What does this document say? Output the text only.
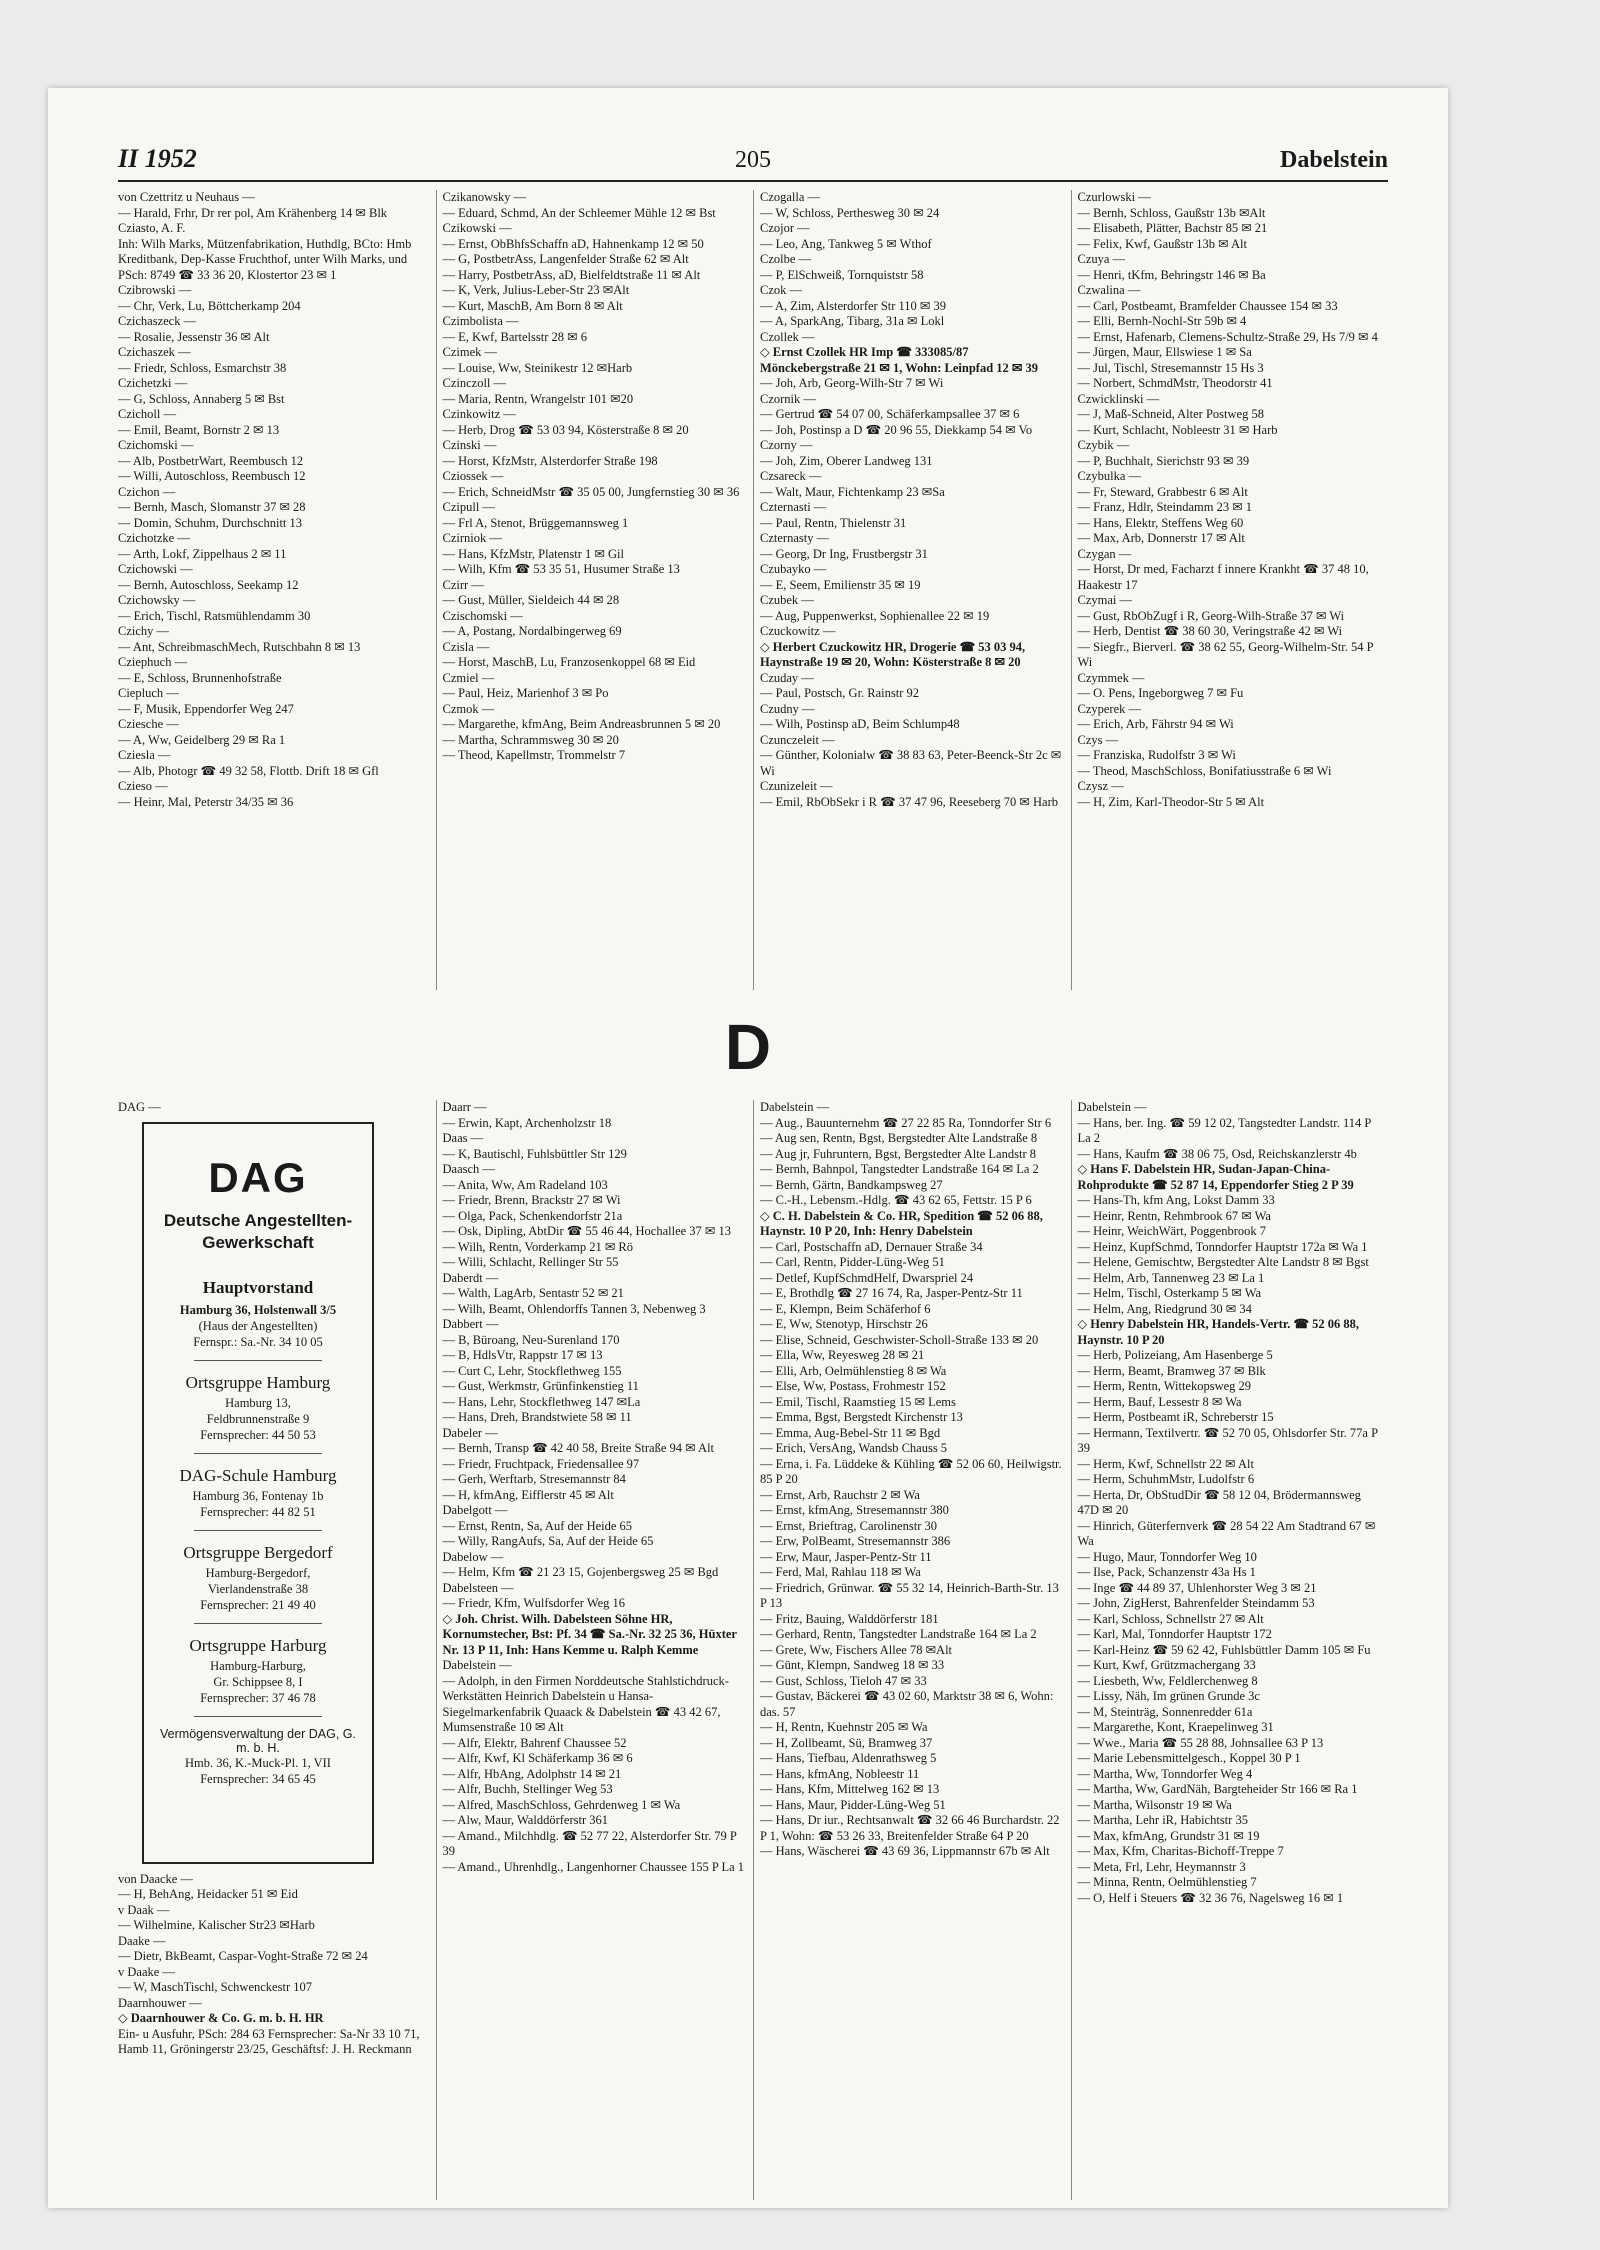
II 1952	205	Dabelstein
von Czettritz u Neuhaus —
— Harald, Frhr, Dr rer pol, Am Krähenberg 14 ✉ Blk
Cziasto, A. F.
Inh: Wilh Marks, Mützenfabrikation, Huthdlg, BCto: Hmb Kreditbank, Dep-Kasse Fruchthof, unter Wilh Marks, und PSch: 8749 ☎ 33 36 20, Klostertor 23 ✉ 1
Czibrowski —
— Chr, Verk, Lu, Böttcherkamp 204
Czichaszeck —
— Rosalie, Jessenstr 36 ✉ Alt
Czichaszek —
— Friedr, Schloss, Esmarchstr 38
Czichetzki —
— G, Schloss, Annaberg 5 ✉ Bst
Czicholl —
— Emil, Beamt, Bornstr 2 ✉ 13
Czichomski —
— Alb, PostbetrWart, Reembusch 12
— Willi, Autoschloss, Reembusch 12
Czichon —
— Bernh, Masch, Slomanstr 37 ✉ 28
— Domin, Schuhm, Durchschnitt 13
Czichotzke —
— Arth, Lokf, Zippelhaus 2 ✉ 11
Czichowski —
— Bernh, Autoschloss, Seekamp 12
Czichowsky —
— Erich, Tischl, Ratsmühlendamm 30
Czichy —
— Ant, SchreibmaschMech, Rutschbahn 8 ✉ 13
Cziephuch —
— E, Schloss, Brunnenhofstraße
Ciepluch —
— F, Musik, Eppendorfer Weg 247
Cziesche —
— A, Ww, Geidelberg 29 ✉ Ra 1
Cziesla —
— Alb, Photogr ☎ 49 32 58, Flottb. Drift 18 ✉ Gfl
Czieso —
— Heinr, Mal, Peterstr 34/35 ✉ 36
Czikanowsky —
— Eduard, Schmd, An der Schleemer Mühle 12 ✉ Bst
Czikowski —
— Ernst, ObBhfsSchaffn aD, Hahnenkamp 12 ✉ 50
— G, PostbetrAss, Langenfelder Straße 62 ✉ Alt
— Harry, PostbetrAss, aD, Bielfeldtstraße 11 ✉ Alt
— K, Verk, Julius-Leber-Str 23 ✉Alt
— Kurt, MaschB, Am Born 8 ✉ Alt
Czimbolista —
— E, Kwf, Bartelsstr 28 ✉ 6
Czimek —
— Louise, Ww, Steinikestr 12 ✉Harb
Czinczoll —
— Maria, Rentn, Wrangelstr 101 ✉20
Czinkowitz —
— Herb, Drog ☎ 53 03 94, Kösterstraße 8 ✉ 20
Czinski —
— Horst, KfzMstr, Alsterdorfer Straße 198
Cziossek —
— Erich, SchneidMstr ☎ 35 05 00, Jungfernstieg 30 ✉ 36
Czipull —
— Frl A, Stenot, Brüggemannsweg 1
Czirniok —
— Hans, KfzMstr, Platenstr 1 ✉ Gil
— Wilh, Kfm ☎ 53 35 51, Husumer Straße 13
Czirr —
— Gust, Müller, Sieldeich 44 ✉ 28
Czischomski —
— A, Postang, Nordalbingerweg 69
Czisla —
— Horst, MaschB, Lu, Franzosenkoppel 68 ✉ Eid
Czmiel —
— Paul, Heiz, Marienhof 3 ✉ Po
Czmok —
— Margarethe, kfmAng, Beim Andreasbrunnen 5 ✉ 20
— Martha, Schrammsweg 30 ✉ 20
— Theod, Kapellmstr, Trommelstr 7
Czogalla —
— W, Schloss, Perthesweg 30 ✉ 24
Czojor —
— Leo, Ang, Tankweg 5 ✉ Wthof
Czolbe —
— P, ElSchweiß, Tornquiststr 58
Czok —
— A, Zim, Alsterdorfer Str 110 ✉ 39
— A, SparkAng, Tibarg, 31a ✉ Lokl
Czollek —
◇ Ernst Czollek HR Imp ☎ 333085/87 Mönckebergstraße 21 ✉ 1, Wohn: Leinpfad 12 ✉ 39
— Joh, Arb, Georg-Wilh-Str 7 ✉ Wi
Czornik —
— Gertrud ☎ 54 07 00, Schäferkampsallee 37 ✉ 6
— Joh, Postinsp a D ☎ 20 96 55, Diekkamp 54 ✉ Vo
Czorny —
— Joh, Zim, Oberer Landweg 131
Czsareck —
— Walt, Maur, Fichtenkamp 23 ✉Sa
Czternasti —
— Paul, Rentn, Thielenstr 31
Czternasty —
— Georg, Dr Ing, Frustbergstr 31
Czubayko —
— E, Seem, Emilienstr 35 ✉ 19
Czubek —
— Aug, Puppenwerkst, Sophienallee 22 ✉ 19
Czuckowitz —
◇ Herbert Czuckowitz HR, Drogerie ☎ 53 03 94, Haynstraße 19 ✉ 20, Wohn: Kösterstraße 8 ✉ 20
Czuday —
— Paul, Postsch, Gr. Rainstr 92
Czudny —
— Wilh, Postinsp aD, Beim Schlump48
Czunczeleit —
— Günther, Kolonialw ☎ 38 83 63, Peter-Beenck-Str 2c ✉ Wi
Czunizeleit —
— Emil, RbObSekr i R ☎ 37 47 96, Reeseberg 70 ✉ Harb
Czurlowski —
— Bernh, Schloss, Gaußstr 13b ✉Alt
— Elisabeth, Plätter, Bachstr 85 ✉ 21
— Felix, Kwf, Gaußstr 13b ✉ Alt
Czuya —
— Henri, tKfm, Behringstr 146 ✉ Ba
Czwalina —
— Carl, Postbeamt, Bramfelder Chaussee 154 ✉ 33
— Elli, Bernh-Nochl-Str 59b ✉ 4
— Ernst, Hafenarb, Clemens-Schultz-Straße 29, Hs 7/9 ✉ 4
— Jürgen, Maur, Ellswiese 1 ✉ Sa
— Jul, Tischl, Stresemannstr 15 Hs 3
— Norbert, SchmdMstr, Theodorstr 41
Czwicklinski —
— J, Maß-Schneid, Alter Postweg 58
— Kurt, Schlacht, Nobleestr 31 ✉ Harb
Czybik —
— P, Buchhalt, Sierichstr 93 ✉ 39
Czybulka —
— Fr, Steward, Grabbestr 6 ✉ Alt
— Franz, Hdlr, Steindamm 23 ✉ 1
— Hans, Elektr, Steffens Weg 60
— Max, Arb, Donnerstr 17 ✉ Alt
Czygan —
— Horst, Dr med, Facharzt f innere Krankht ☎ 37 48 10, Haakestr 17
Czymai —
— Gust, RbObZugf i R, Georg-Wilh-Straße 37 ✉ Wi
— Herb, Dentist ☎ 38 60 30, Veringstraße 42 ✉ Wi
— Siegfr., Bierverl. ☎ 38 62 55, Georg-Wilhelm-Str. 54 P Wi
Czymmek —
— O. Pens, Ingeborgweg 7 ✉ Fu
Czyperek —
— Erich, Arb, Fährstr 94 ✉ Wi
Czys —
— Franziska, Rudolfstr 3 ✉ Wi
— Theod, MaschSchloss, Bonifatiusstraße 6 ✉ Wi
Czysz —
— H, Zim, Karl-Theodor-Str 5 ✉ Alt
D
DAG —
DAG
Deutsche Angestellten-Gewerkschaft
Hauptvorstand
Hamburg 36, Holstenwall 3/5
(Haus der Angestellten)
Fernspr.: Sa.-Nr. 34 10 05
Ortsgruppe Hamburg
Hamburg 13,
Feldbrunnenstraße 9
Fernsprecher: 44 50 53
DAG-Schule Hamburg
Hamburg 36, Fontenay 1b
Fernsprecher: 44 82 51
Ortsgruppe Bergedorf
Hamburg-Bergedorf,
Vierlandenstraße 38
Fernsprecher: 21 49 40
Ortsgruppe Harburg
Hamburg-Harburg,
Gr. Schippsee 8, I
Fernsprecher: 37 46 78
Vermögensverwaltung der DAG, G. m. b. H.
Hmb. 36, K.-Muck-Pl. 1, VII
Fernsprecher: 34 65 45
von Daacke —
— H, BehAng, Heidacker 51 ✉ Eid
v Daak —
— Wilhelmine, Kalischer Str23 ✉Harb
Daake —
— Dietr, BkBeamt, Caspar-Voght-Straße 72 ✉ 24
v Daake —
— W, MaschTischl, Schwenckestr 107
Daarnhouwer —
◇ Daarnhouwer & Co. G. m. b. H. HR
Ein- u Ausfuhr, PSch: 284 63 Fernsprecher: Sa-Nr 33 10 71, Hamb 11, Gröningerstr 23/25, Geschäftsf: J. H. Reckmann
Daarr —
— Erwin, Kapt, Archenholzstr 18
Daas —
— K, Bautischl, Fuhlsbüttler Str 129
Daasch —
— Anita, Ww, Am Radeland 103
— Friedr, Brenn, Brackstr 27 ✉ Wi
— Olga, Pack, Schenkendorfstr 21a
— Osk, Dipling, AbtDir ☎ 55 46 44, Hochallee 37 ✉ 13
— Wilh, Rentn, Vorderkamp 21 ✉ Rö
— Willi, Schlacht, Rellinger Str 55
Daberdt —
— Walth, LagArb, Sentastr 52 ✉ 21
— Wilh, Beamt, Ohlendorffs Tannen 3, Nebenweg 3
Dabbert —
— B, Büroang, Neu-Surenland 170
— B, HdlsVtr, Rappstr 17 ✉ 13
— Curt C, Lehr, Stockflethweg 155
— Gust, Werkmstr, Grünfinkenstieg 11
— Hans, Lehr, Stockflethweg 147 ✉La
— Hans, Dreh, Brandstwiete 58 ✉ 11
Dabeler —
— Bernh, Transp ☎ 42 40 58, Breite Straße 94 ✉ Alt
— Friedr, Fruchtpack, Friedensallee 97
— Gerh, Werftarb, Stresemannstr 84
— H, kfmAng, Eifflerstr 45 ✉ Alt
Dabelgott —
— Ernst, Rentn, Sa, Auf der Heide 65
— Willy, RangAufs, Sa, Auf der Heide 65
Dabelow —
— Helm, Kfm ☎ 21 23 15, Gojenbergsweg 25 ✉ Bgd
Dabelsteen —
— Friedr, Kfm, Wulfsdorfer Weg 16
◇ Joh. Christ. Wilh. Dabelsteen Söhne HR, Kornumstecher, Bst: Pf. 34 ☎ Sa.-Nr. 32 25 36, Hüxter Nr. 13 P 11, Inh: Hans Kemme u. Ralph Kemme
Dabelstein —
— Adolph, in den Firmen Norddeutsche Stahlstichdruck-Werkstätten Heinrich Dabelstein u Hansa-Siegelmarkenfabrik Quaack & Dabelstein ☎ 43 42 67, Mumsenstraße 10 ✉ Alt
— Alfr, Elektr, Bahrenf Chaussee 52
— Alfr, Kwf, Kl Schäferkamp 36 ✉ 6
— Alfr, HbAng, Adolphstr 14 ✉ 21
— Alfr, Buchh, Stellinger Weg 53
— Alfred, MaschSchloss, Gehrdenweg 1 ✉ Wa
— Alw, Maur, Walddörferstr 361
— Amand., Milchhdlg. ☎ 52 77 22, Alsterdorfer Str. 79 P 39
— Amand., Uhrenhdlg., Langenhorner Chaussee 155 P La 1
Dabelstein —
— Aug., Bauunternehm ☎ 27 22 85 Ra, Tonndorfer Str 6
— Aug sen, Rentn, Bgst, Bergstedter Alte Landstraße 8
— Aug jr, Fuhruntern, Bgst, Bergstedter Alte Landstr 8
— Bernh, Bahnpol, Tangstedter Landstraße 164 ✉ La 2
— Bernh, Gärtn, Bandkampsweg 27
— C.-H., Lebensm.-Hdlg. ☎ 43 62 65, Fettstr. 15 P 6
◇ C. H. Dabelstein & Co. HR, Spedition ☎ 52 06 88, Haynstr. 10 P 20, Inh: Henry Dabelstein
— Carl, Postschaffn aD, Dernauer Straße 34
— Carl, Rentn, Pidder-Lüng-Weg 51
— Detlef, KupfSchmdHelf, Dwarspriel 24
— E, Brothdlg ☎ 27 16 74, Ra, Jasper-Pentz-Str 11
— E, Klempn, Beim Schäferhof 6
— E, Ww, Stenotyp, Hirschstr 26
— Elise, Schneid, Geschwister-Scholl-Straße 133 ✉ 20
— Ella, Ww, Reyesweg 28 ✉ 21
— Elli, Arb, Oelmühlenstieg 8 ✉ Wa
— Else, Ww, Postass, Frohmestr 152
— Emil, Tischl, Raamstieg 15 ✉ Lems
— Emma, Bgst, Bergstedt Kirchenstr 13
— Emma, Aug-Bebel-Str 11 ✉ Bgd
— Erich, VersAng, Wandsb Chauss 5
— Erna, i. Fa. Lüddeke & Kühling ☎ 52 06 60, Heilwigstr. 85 P 20
— Ernst, Arb, Rauchstr 2 ✉ Wa
— Ernst, kfmAng, Stresemannstr 380
— Ernst, Brieftrag, Carolinenstr 30
— Erw, PolBeamt, Stresemannstr 386
— Erw, Maur, Jasper-Pentz-Str 11
— Ferd, Mal, Rahlau 118 ✉ Wa
— Friedrich, Grünwar. ☎ 55 32 14, Heinrich-Barth-Str. 13 P 13
— Fritz, Bauing, Walddörferstr 181
— Gerhard, Rentn, Tangstedter Landstraße 164 ✉ La 2
— Grete, Ww, Fischers Allee 78 ✉Alt
— Günt, Klempn, Sandweg 18 ✉ 33
— Gust, Schloss, Tieloh 47 ✉ 33
— Gustav, Bäckerei ☎ 43 02 60, Marktstr 38 ✉ 6, Wohn: das. 57
— H, Rentn, Kuehnstr 205 ✉ Wa
— H, Zollbeamt, Sü, Bramweg 37
— Hans, Tiefbau, Aldenrathsweg 5
— Hans, kfmAng, Nobleestr 11
— Hans, Kfm, Mittelweg 162 ✉ 13
— Hans, Maur, Pidder-Lüng-Weg 51
— Hans, Dr iur., Rechtsanwalt ☎ 32 66 46 Burchardstr. 22 P 1, Wohn: ☎ 53 26 33, Breitenfelder Straße 64 P 20
— Hans, Wäscherei ☎ 43 69 36, Lippmannstr 67b ✉ Alt
Dabelstein —
— Hans, ber. Ing. ☎ 59 12 02, Tangstedter Landstr. 114 P La 2
— Hans, Kaufm ☎ 38 06 75, Osd, Reichskanzlerstr 4b
◇ Hans F. Dabelstein HR, Sudan-Japan-China-Rohprodukte ☎ 52 87 14, Eppendorfer Stieg 2 P 39
— Hans-Th, kfm Ang, Lokst Damm 33
— Heinr, Rentn, Rehmbrook 67 ✉ Wa
— Heinr, WeichWärt, Poggenbrook 7
— Heinz, KupfSchmd, Tonndorfer Hauptstr 172a ✉ Wa 1
— Helene, Gemischtw, Bergstedter Alte Landstr 8 ✉ Bgst
— Helm, Arb, Tannenweg 23 ✉ La 1
— Helm, Tischl, Osterkamp 5 ✉ Wa
— Helm, Ang, Riedgrund 30 ✉ 34
◇ Henry Dabelstein HR, Handels-Vertr. ☎ 52 06 88, Haynstr. 10 P 20
— Herb, Polizeiang, Am Hasenberge 5
— Herm, Beamt, Bramweg 37 ✉ Blk
— Herm, Rentn, Wittekopsweg 29
— Herm, Bauf, Lessestr 8 ✉ Wa
— Herm, Postbeamt iR, Schreberstr 15
— Hermann, Textilvertr. ☎ 52 70 05, Ohlsdorfer Str. 77a P 39
— Herm, Kwf, Schnellstr 22 ✉ Alt
— Herm, SchuhmMstr, Ludolfstr 6
— Herta, Dr, ObStudDir ☎ 58 12 04, Brödermannsweg 47D ✉ 20
— Hinrich, Güterfernverk ☎ 28 54 22 Am Stadtrand 67 ✉ Wa
— Hugo, Maur, Tonndorfer Weg 10
— Ilse, Pack, Schanzenstr 43a Hs 1
— Inge ☎ 44 89 37, Uhlenhorster Weg 3 ✉ 21
— John, ZigHerst, Bahrenfelder Steindamm 53
— Karl, Schloss, Schnellstr 27 ✉ Alt
— Karl, Mal, Tonndorfer Hauptstr 172
— Karl-Heinz ☎ 59 62 42, Fuhlsbüttler Damm 105 ✉ Fu
— Kurt, Kwf, Grützmachergang 33
— Liesbeth, Ww, Feldlerchenweg 8
— Lissy, Näh, Im grünen Grunde 3c
— M, Steinträg, Sonnenredder 61a
— Margarethe, Kont, Kraepelinweg 31
— Wwe., Maria ☎ 55 28 88, Johnsallee 63 P 13
— Marie Lebensmittelgesch., Koppel 30 P 1
— Martha, Ww, Tonndorfer Weg 4
— Martha, Ww, GardNäh, Bargteheider Str 166 ✉ Ra 1
— Martha, Wilsonstr 19 ✉ Wa
— Martha, Lehr iR, Habichtstr 35
— Max, kfmAng, Grundstr 31 ✉ 19
— Max, Kfm, Charitas-Bichoff-Treppe 7
— Meta, Frl, Lehr, Heymannstr 3
— Minna, Rentn, Oelmühlenstieg 7
— O, Helf i Steuers ☎ 32 36 76, Nagelsweg 16 ✉ 1
